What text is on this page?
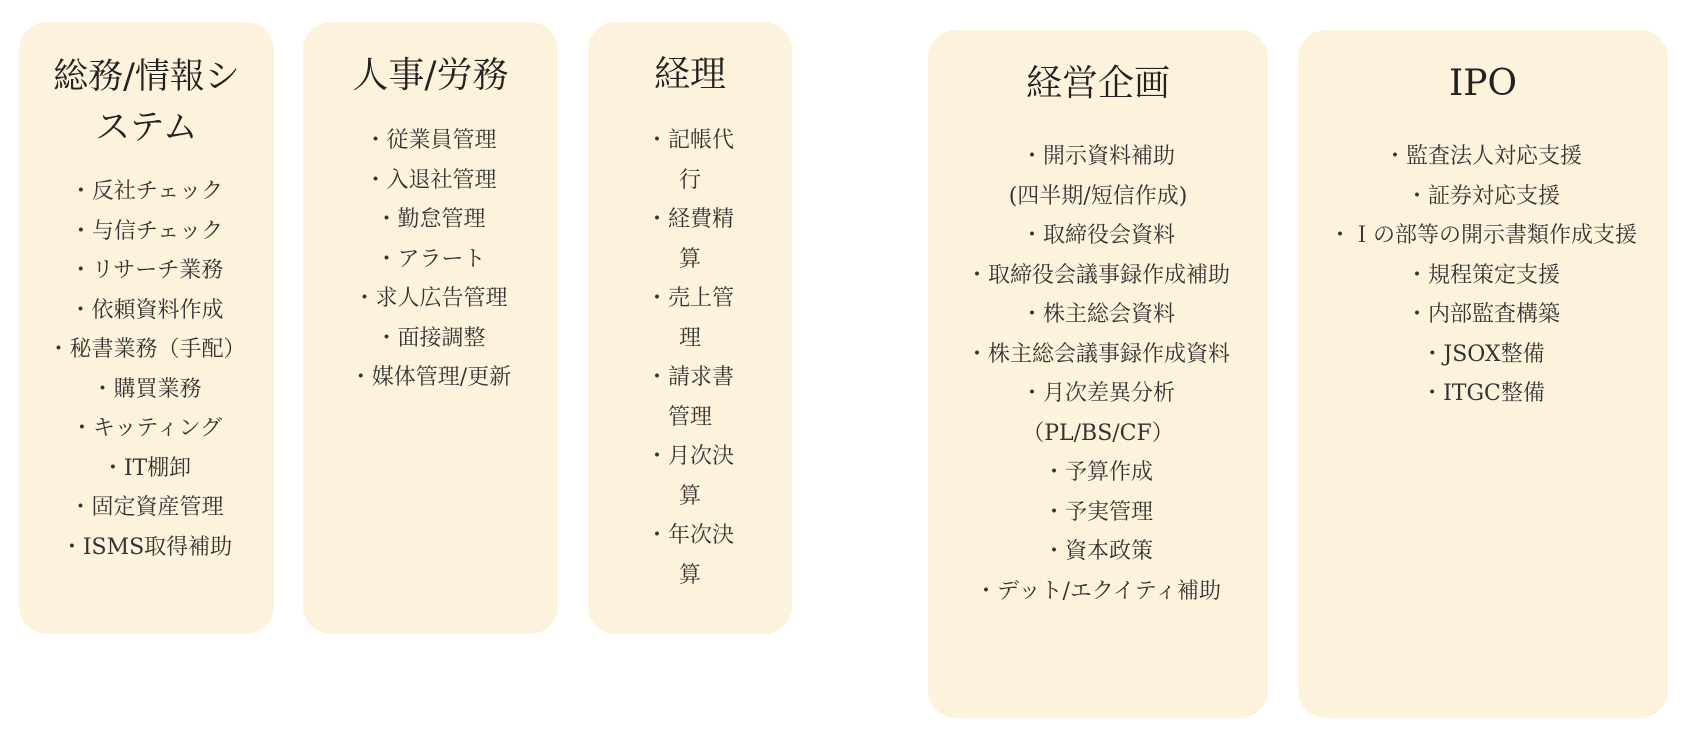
総務/情報システム
・反社チェック
・与信チェック
・リサーチ業務
・依頼資料作成
・秘書業務（手配）
・購買業務
・キッティング
・IT棚卸
・固定資産管理
・ISMS取得補助
人事/労務
・従業員管理
・入退社管理
・勤怠管理
・アラート
・求人広告管理
・面接調整
・媒体管理/更新
経理
・記帳代行
・経費精算
・売上管理
・請求書管理
・月次決算
・年次決算
経営企画
・開示資料補助
(四半期/短信作成)
・取締役会資料
・取締役会議事録作成補助
・株主総会資料
・株主総会議事録作成資料
・月次差異分析
（PL/BS/CF）
・予算作成
・予実管理
・資本政策
・デット/エクイティ補助
IPO
・監査法人対応支援
・証券対応支援
・Ｉの部等の開示書類作成支援
・規程策定支援
・内部監査構築
・JSOX整備
・ITGC整備
